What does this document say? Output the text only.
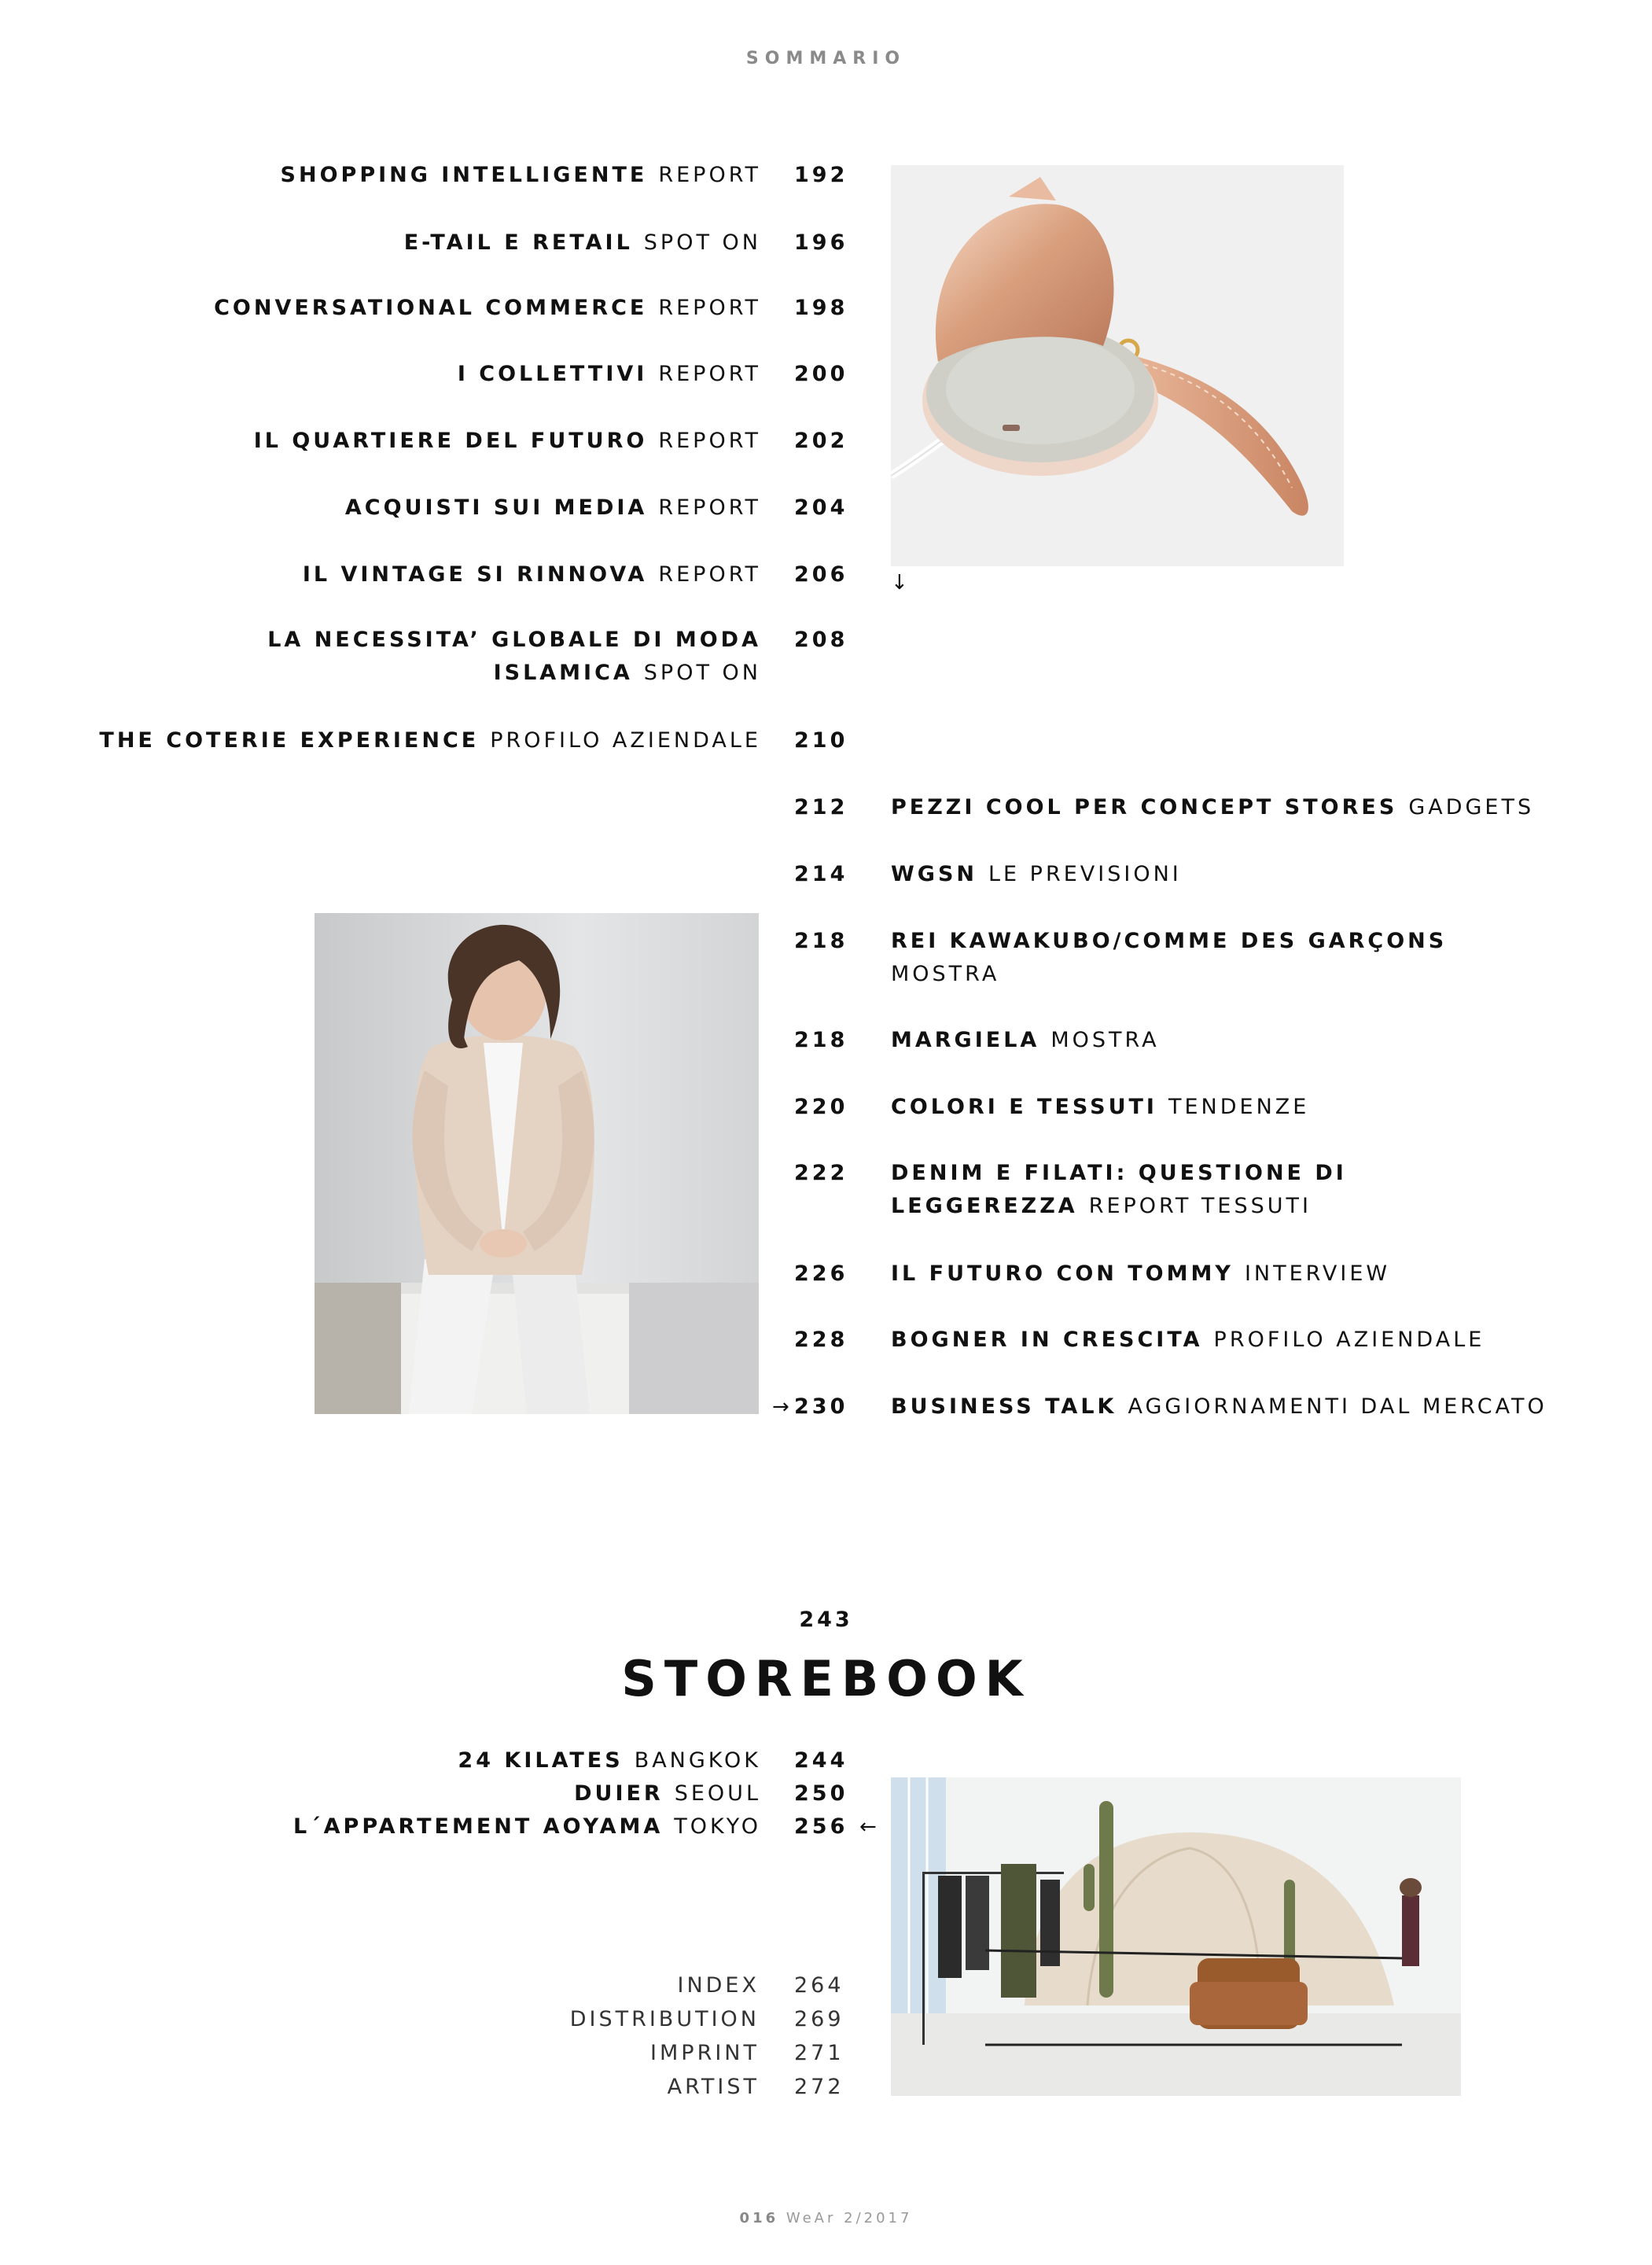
SOMMARIO
SHOPPING INTELLIGENTE REPORT 192
E-TAIL E RETAIL SPOT ON 196
CONVERSATIONAL COMMERCE REPORT 198
I COLLETTIVI REPORT 200
IL QUARTIERE DEL FUTURO REPORT 202
ACQUISTI SUI MEDIA REPORT 204
IL VINTAGE SI RINNOVA REPORT 206
LA NECESSITA’ GLOBALE DI MODA
ISLAMICA SPOT ON
208
THE COTERIE EXPERIENCE PROFILO AZIENDALE 210
↓
212	PEZZI COOL PER CONCEPT STORES GADGETS
214	WGSN LE PREVISIONI
218	REI KAWAKUBO/COMME DES GARÇONS
MOSTRA
218	MARGIELA MOSTRA
220	COLORI E TESSUTI TENDENZE
222	DENIM E FILATI: QUESTIONE DI
LEGGEREZZA REPORT TESSUTI
226	IL FUTURO CON TOMMY INTERVIEW
228	BOGNER IN CRESCITA PROFILO AZIENDALE
→ 230	BUSINESS TALK AGGIORNAMENTI DAL MERCATO
243
STOREBOOK
24 KILATES BANGKOK 244
DUIER SEOUL 250
L´APPARTEMENT AOYAMA TOKYO 256 ←
INDEX 264
DISTRIBUTION 269
IMPRINT 271
ARTIST 272
016 WeAr 2/2017
